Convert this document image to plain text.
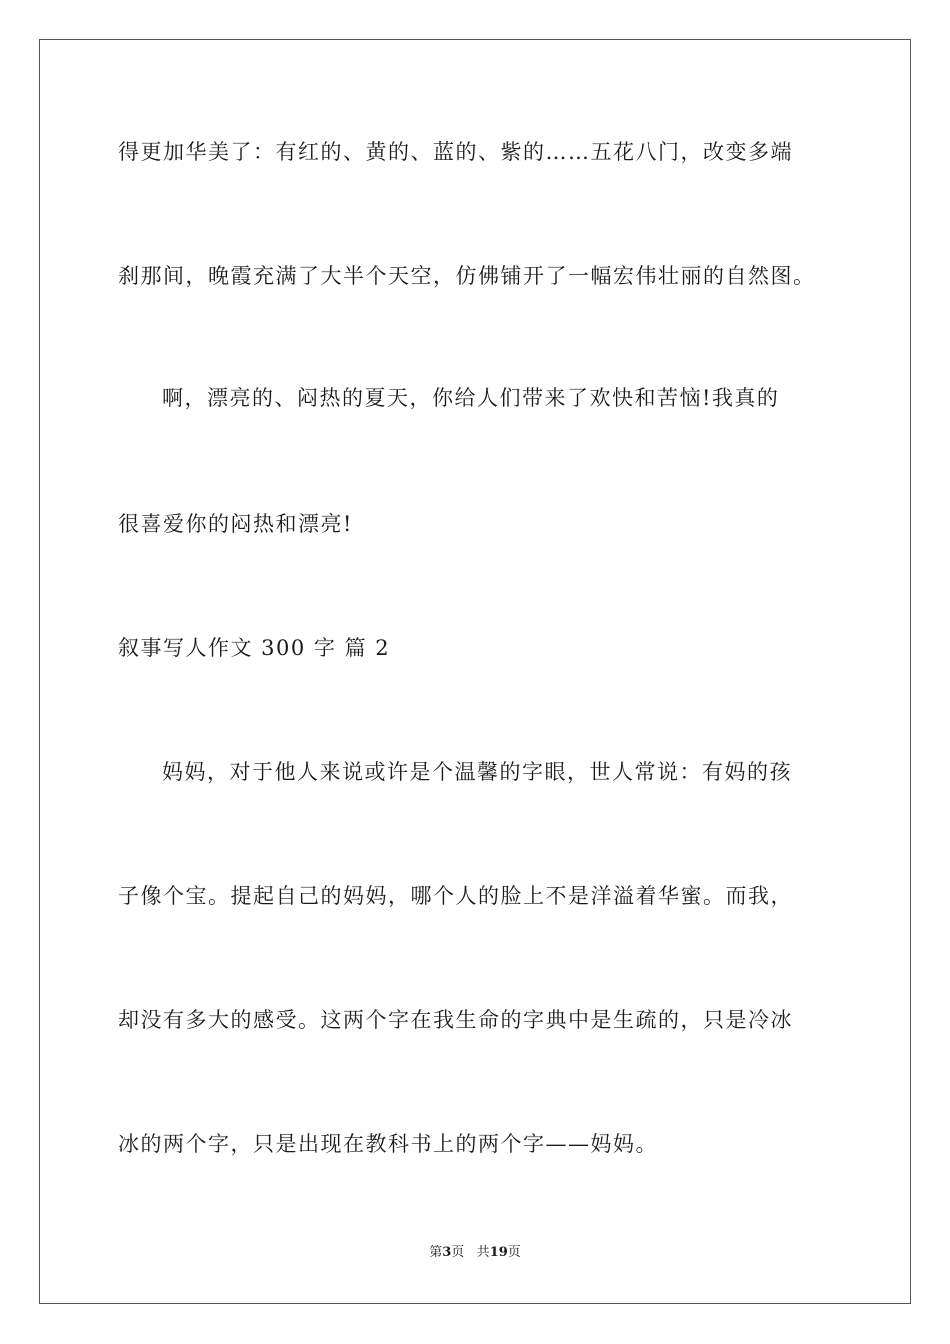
得更加华美了：有红的、黄的、蓝的、紫的……五花八门，改变多端
刹那间，晚霞充满了大半个天空，仿佛铺开了一幅宏伟壮丽的自然图。
啊，漂亮的、闷热的夏天，你给人们带来了欢快和苦恼!我真的
很喜爱你的闷热和漂亮!
叙事写人作文 300 字 篇 2
妈妈，对于他人来说或许是个温馨的字眼，世人常说：有妈的孩
子像个宝。提起自己的妈妈，哪个人的脸上不是洋溢着华蜜。而我，
却没有多大的感受。这两个字在我生命的字典中是生疏的，只是冷冰
冰的两个字，只是出现在教科书上的两个字——妈妈。
第3页 共19页
